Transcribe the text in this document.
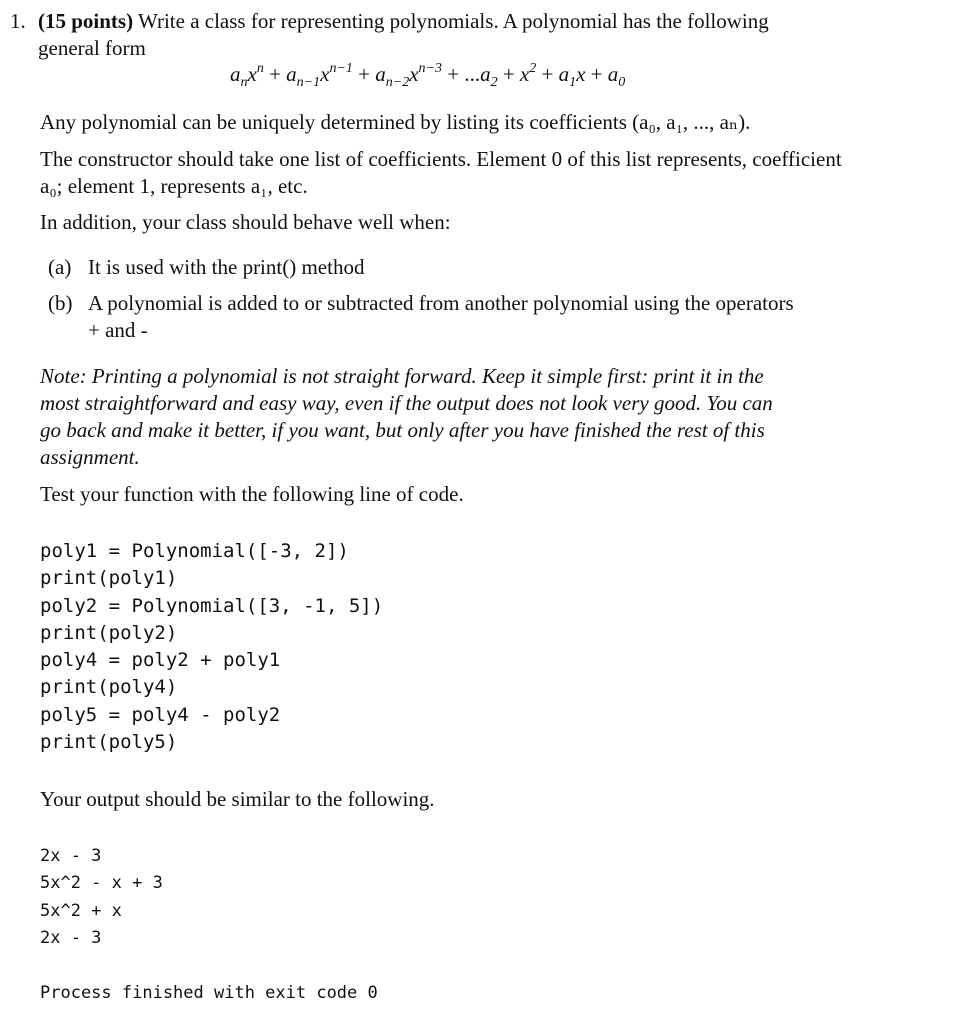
1. (15 points) Write a class for representing polynomials. A polynomial has the following
general form
$a_nx^n + a_{n-1}x^{n-1} + a_{n-2}x^{n-3} + ...a_2 + x^2 + a_1x + a_0$
Any polynomial can be uniquely determined by listing its coefficients (a₀, a₁, ..., aₙ).
The constructor should take one list of coefficients. Element 0 of this list represents, coefficient
a₀; element 1, represents a₁, etc.
In addition, your class should behave well when:
(a) It is used with the print() method
(b) A polynomial is added to or subtracted from another polynomial using the operators
+ and -
Note: Printing a polynomial is not straight forward. Keep it simple first: print it in the
most straightforward and easy way, even if the output does not look very good. You can
go back and make it better, if you want, but only after you have finished the rest of this
assignment.
Test your function with the following line of code.
poly1 = Polynomial([-3, 2])
print(poly1)
poly2 = Polynomial([3, -1, 5])
print(poly2)
poly4 = poly2 + poly1
print(poly4)
poly5 = poly4 - poly2
print(poly5)
Your output should be similar to the following.
2x - 3
5x^2 - x + 3
5x^2 + x
2x - 3
Process finished with exit code 0
